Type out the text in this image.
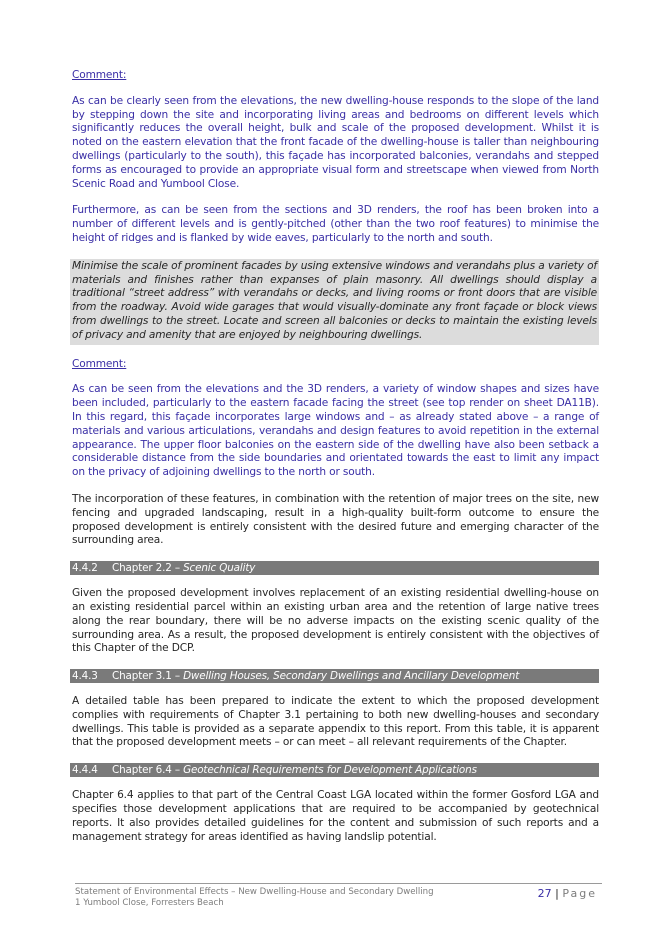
Comment:

As can be clearly seen from the elevations, the new dwelling-house responds to the slope of the land by stepping down the site and incorporating living areas and bedrooms on different levels which significantly reduces the overall height, bulk and scale of the proposed development. Whilst it is noted on the eastern elevation that the front facade of the dwelling-house is taller than neighbouring dwellings (particularly to the south), this façade has incorporated balconies, verandahs and stepped forms as encouraged to provide an appropriate visual form and streetscape when viewed from North Scenic Road and Yumbool Close.

Furthermore, as can be seen from the sections and 3D renders, the roof has been broken into a number of different levels and is gently-pitched (other than the two roof features) to minimise the height of ridges and is flanked by wide eaves, particularly to the north and south.

Minimise the scale of prominent facades by using extensive windows and verandahs plus a variety of materials and finishes rather than expanses of plain masonry. All dwellings should display a traditional “street address” with verandahs or decks, and living rooms or front doors that are visible from the roadway. Avoid wide garages that would visually-dominate any front façade or block views from dwellings to the street. Locate and screen all balconies or decks to maintain the existing levels of privacy and amenity that are enjoyed by neighbouring dwellings.

Comment:

As can be seen from the elevations and the 3D renders, a variety of window shapes and sizes have been included, particularly to the eastern facade facing the street (see top render on sheet DA11B). In this regard, this façade incorporates large windows and – as already stated above – a range of materials and various articulations, verandahs and design features to avoid repetition in the external appearance. The upper floor balconies on the eastern side of the dwelling have also been setback a considerable distance from the side boundaries and orientated towards the east to limit any impact on the privacy of adjoining dwellings to the north or south.

The incorporation of these features, in combination with the retention of major trees on the site, new fencing and upgraded landscaping, result in a high-quality built-form outcome to ensure the proposed development is entirely consistent with the desired future and emerging character of the surrounding area.

4.4.2 Chapter 2.2 – Scenic Quality

Given the proposed development involves replacement of an existing residential dwelling-house on an existing residential parcel within an existing urban area and the retention of large native trees along the rear boundary, there will be no adverse impacts on the existing scenic quality of the surrounding area. As a result, the proposed development is entirely consistent with the objectives of this Chapter of the DCP.

4.4.3 Chapter 3.1 – Dwelling Houses, Secondary Dwellings and Ancillary Development

A detailed table has been prepared to indicate the extent to which the proposed development complies with requirements of Chapter 3.1 pertaining to both new dwelling-houses and secondary dwellings. This table is provided as a separate appendix to this report. From this table, it is apparent that the proposed development meets – or can meet – all relevant requirements of the Chapter.

4.4.4 Chapter 6.4 – Geotechnical Requirements for Development Applications

Chapter 6.4 applies to that part of the Central Coast LGA located within the former Gosford LGA and specifies those development applications that are required to be accompanied by geotechnical reports. It also provides detailed guidelines for the content and submission of such reports and a management strategy for areas identified as having landslip potential.

Statement of Environmental Effects – New Dwelling-House and Secondary Dwelling
1 Yumbool Close, Forresters Beach
27 | Page
